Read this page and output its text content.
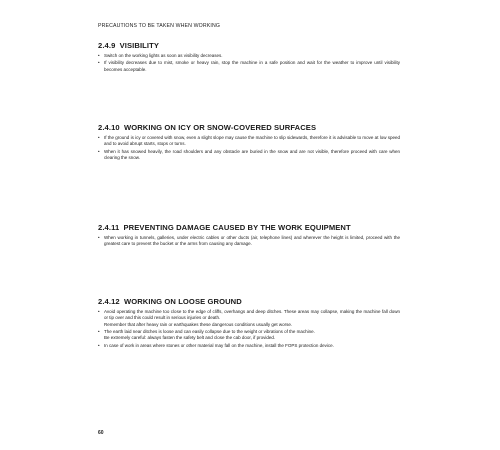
PRECAUTIONS TO BE TAKEN WHEN WORKING
2.4.9 VISIBILITY
• Switch on the working lights as soon as visibility decreases.
• If visibility decreases due to mist, smoke or heavy rain, stop the machine in a safe position and wait for the weather to improve until visibility becomes acceptable.
2.4.10 WORKING ON ICY OR SNOW-COVERED SURFACES
• If the ground is icy or covered with snow, even a slight slope may cause the machine to slip sidewards, therefore it is advisable to move at low speed and to avoid abrupt starts, stops or turns.
• When it has snowed heavily, the road shoulders and any obstacle are buried in the snow and are not visible, therefore proceed with care when clearing the snow.
2.4.11 PREVENTING DAMAGE CAUSED BY THE WORK EQUIPMENT
• When working in tunnels, galleries, under electric cables or other ducts (air, telephone lines) and wherever the height is limited, proceed with the greatest care to prevent the bucket or the arms from causing any damage.
2.4.12 WORKING ON LOOSE GROUND
• Avoid operating the machine too close to the edge of cliffs, overhangs and deep ditches. These areas may collapse, making the machine fall down or tip over and this could result in serious injuries or death.
Remember that after heavy rain or earthquakes these dangerous conditions usually get worse.
• The earth laid near ditches is loose and can easily collapse due to the weight or vibrations of the machine.
Be extremely careful: always fasten the safety belt and close the cab door, if provided.
• In case of work in areas where stones or other material may fall on the machine, install the FOPS protection device.
60
